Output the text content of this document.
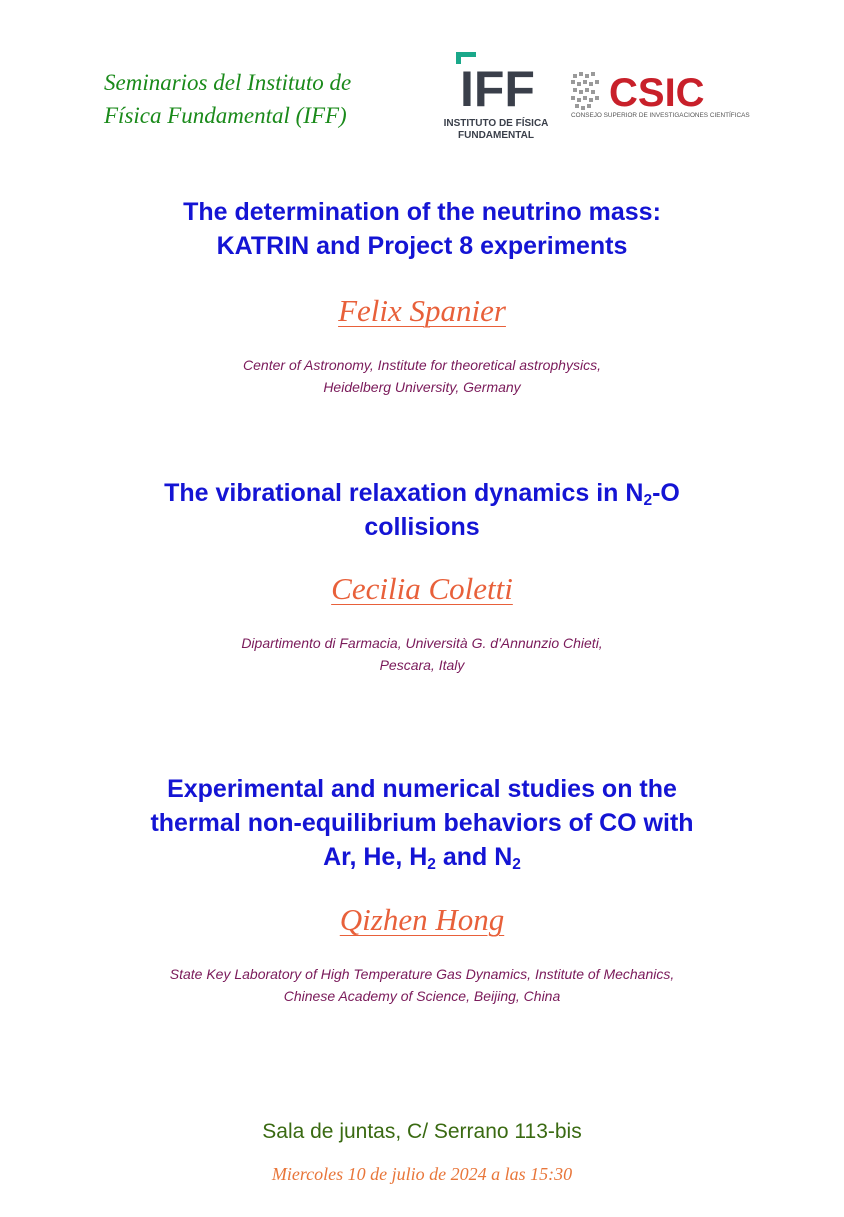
Seminarios del Instituto de
Física Fundamental (IFF)	IFF
INSTITUTO DE FÍSICA
FUNDAMENTAL
CSIC
CONSEJO SUPERIOR DE INVESTIGACIONES CIENTÍFICAS
The determination of the neutrino mass:
KATRIN and Project 8 experiments
Felix Spanier
Center of Astronomy, Institute for theoretical astrophysics,
Heidelberg University, Germany
The vibrational relaxation dynamics in $N_2-O$
collisions
Cecilia Coletti
Dipartimento di Farmacia, Università G. d'Annunzio Chieti,
Pescara, Italy
Experimental and numerical studies on the
thermal non-equilibrium behaviors of CO with
Ar, He, $H_2$ and $N_2$
Qizhen Hong
State Key Laboratory of High Temperature Gas Dynamics, Institute of Mechanics,
Chinese Academy of Science, Beijing, China
Sala de juntas, C/ Serrano 113-bis
Miercoles 10 de julio de 2024 a las 15:30
